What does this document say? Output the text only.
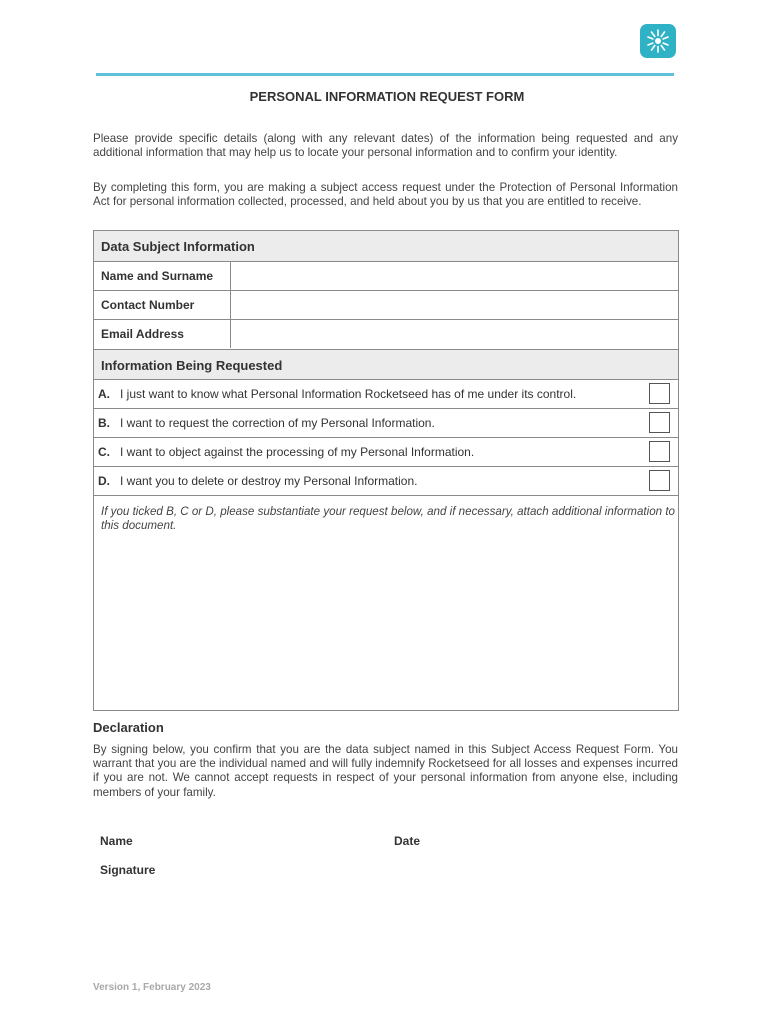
PERSONAL INFORMATION REQUEST FORM
Please provide specific details (along with any relevant dates) of the information being requested and any additional information that may help us to locate your personal information and to confirm your identity.
By completing this form, you are making a subject access request under the Protection of Personal Information Act for personal information collected, processed, and held about you by us that you are entitled to receive.
Data Subject Information
Name and Surname
Contact Number
Email Address
Information Being Requested
A. I just want to know what Personal Information Rocketseed has of me under its control.
B. I want to request the correction of my Personal Information.
C. I want to object against the processing of my Personal Information.
D. I want you to delete or destroy my Personal Information.
If you ticked B, C or D, please substantiate your request below, and if necessary, attach additional information to this document.
Declaration
By signing below, you confirm that you are the data subject named in this Subject Access Request Form. You warrant that you are the individual named and will fully indemnify Rocketseed for all losses and expenses incurred if you are not. We cannot accept requests in respect of your personal information from anyone else, including members of your family.
Name	Date
Signature
Version 1, February 2023
